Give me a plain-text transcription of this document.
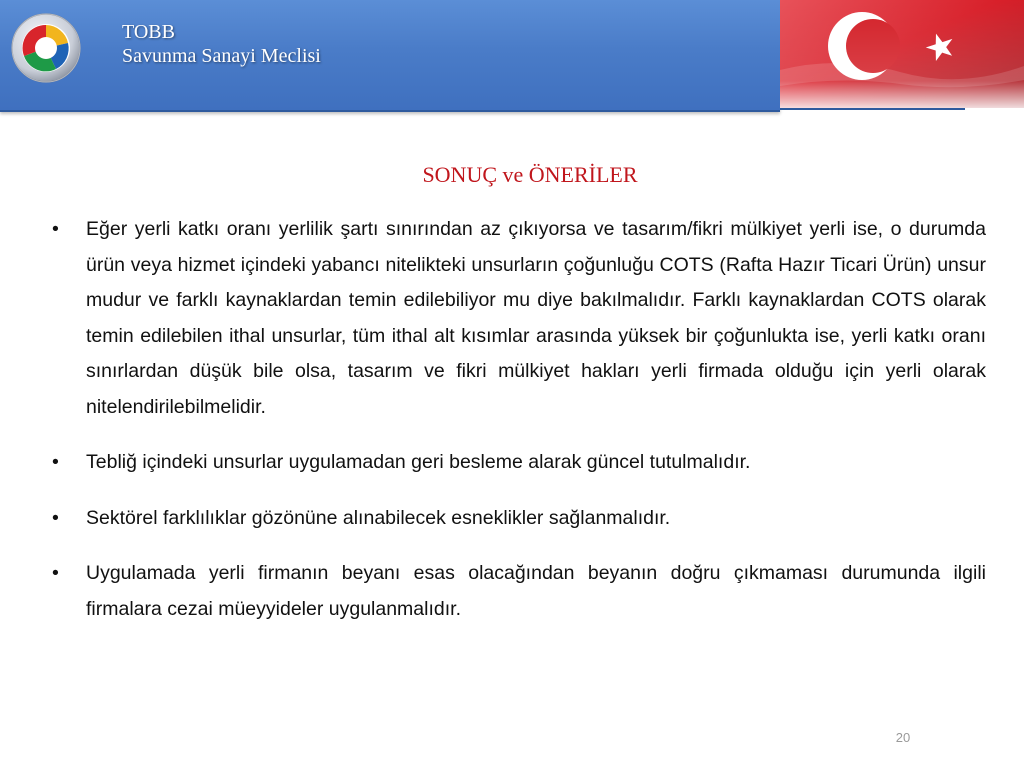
TOBB
Savunma Sanayi Meclisi
SONUÇ ve ÖNERİLER
•	Eğer yerli katkı oranı yerlilik şartı sınırından az çıkıyorsa ve tasarım/fikri mülkiyet yerli ise, o durumda ürün veya hizmet içindeki yabancı nitelikteki unsurların çoğunluğu COTS (Rafta Hazır Ticari Ürün) unsur mudur ve farklı kaynaklardan temin edilebiliyor mu diye bakılmalıdır. Farklı kaynaklardan COTS olarak temin edilebilen ithal unsurlar, tüm ithal alt kısımlar arasında yüksek bir çoğunlukta ise, yerli katkı oranı sınırlardan düşük bile olsa, tasarım ve fikri mülkiyet hakları yerli firmada olduğu için yerli olarak nitelendirilebilmelidir.
•	Tebliğ içindeki unsurlar uygulamadan geri besleme alarak güncel tutulmalıdır.
•	Sektörel farklılıklar gözönüne alınabilecek esneklikler sağlanmalıdır.
•	Uygulamada yerli firmanın beyanı esas olacağından beyanın doğru çıkmaması durumunda ilgili firmalara cezai müeyyideler uygulanmalıdır.
20
